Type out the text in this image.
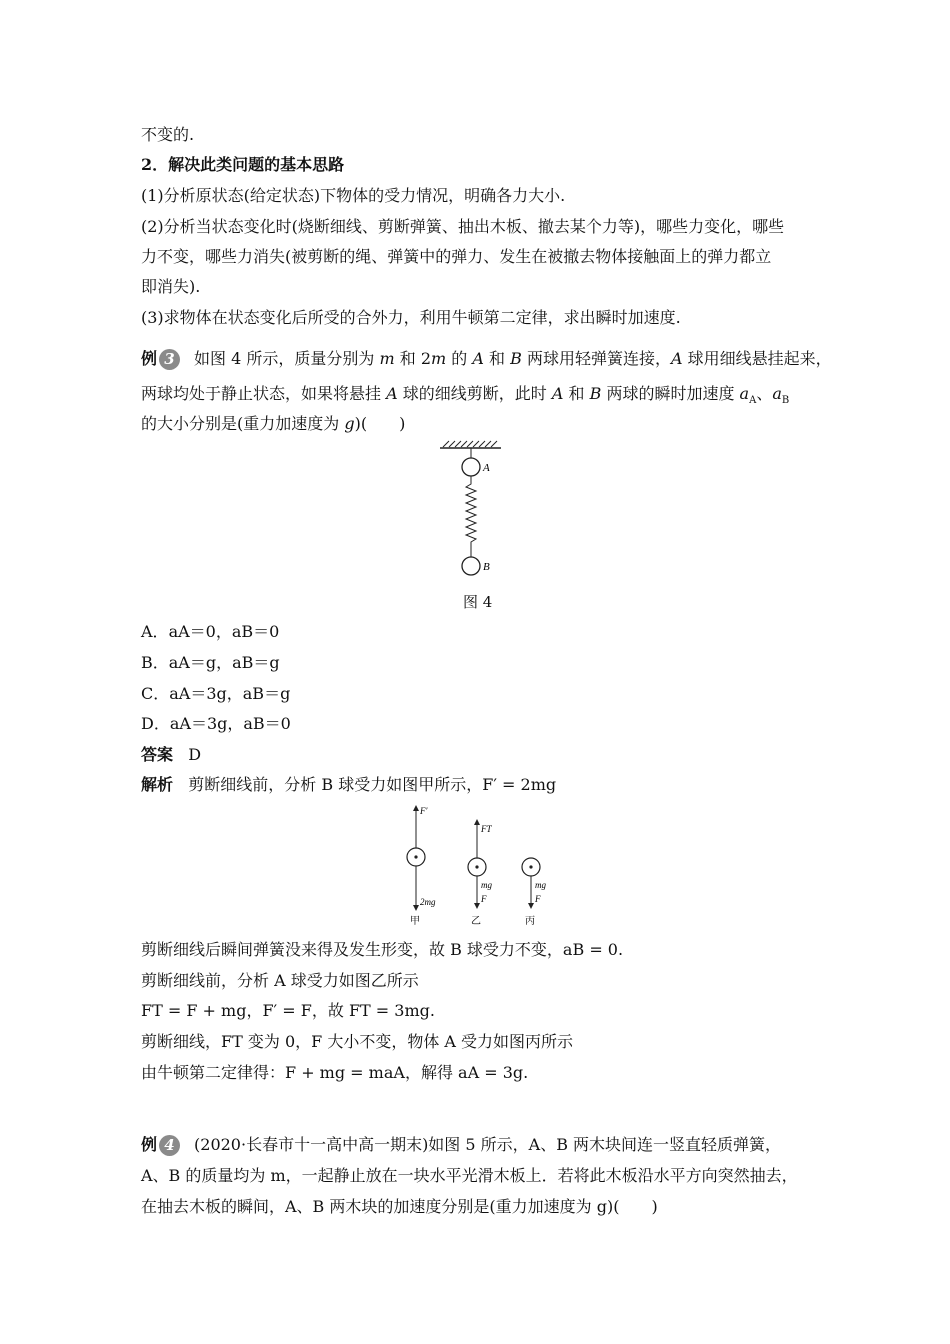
不变的.
2．解决此类问题的基本思路
(1)分析原状态(给定状态)下物体的受力情况，明确各力大小.
(2)分析当状态变化时(烧断细线、剪断弹簧、抽出木板、撤去某个力等)，哪些力变化，哪些
力不变，哪些力消失(被剪断的绳、弹簧中的弹力、发生在被撤去物体接触面上的弹力都立
即消失).
(3)求物体在状态变化后所受的合外力，利用牛顿第二定律，求出瞬时加速度.
例 3	如图 4 所示，质量分别为 m 和 2m 的 A 和 B 两球用轻弹簧连接，A 球用细线悬挂起来，
两球均处于静止状态，如果将悬挂 A 球的细线剪断，此时 A 和 B 两球的瞬时加速度 $a_A$、$a_B$
的大小分别是(重力加速度为 g)(　　)
A
B
图 4
A．aA＝0，aB＝0
B．aA＝g，aB＝g
C．aA＝3g，aB＝g
D．aA＝3g，aB＝0
答案 D
解析 剪断细线前，分析 B 球受力如图甲所示，F′ = 2mg
F′
2mg
甲
FT
mg
F
乙
mg
F
丙
剪断细线后瞬间弹簧没来得及发生形变，故 B 球受力不变，aB = 0.
剪断细线前，分析 A 球受力如图乙所示
FT = F + mg，F′ = F，故 FT = 3mg.
剪断细线，FT 变为 0，F 大小不变，物体 A 受力如图丙所示
由牛顿第二定律得：F + mg = maA，解得 aA = 3g.
例 4	(2020·长春市十一高中高一期末)如图 5 所示，A、B 两木块间连一竖直轻质弹簧，
A、B 的质量均为 m，一起静止放在一块水平光滑木板上．若将此木板沿水平方向突然抽去，
在抽去木板的瞬间，A、B 两木块的加速度分别是(重力加速度为 g)(　　)
